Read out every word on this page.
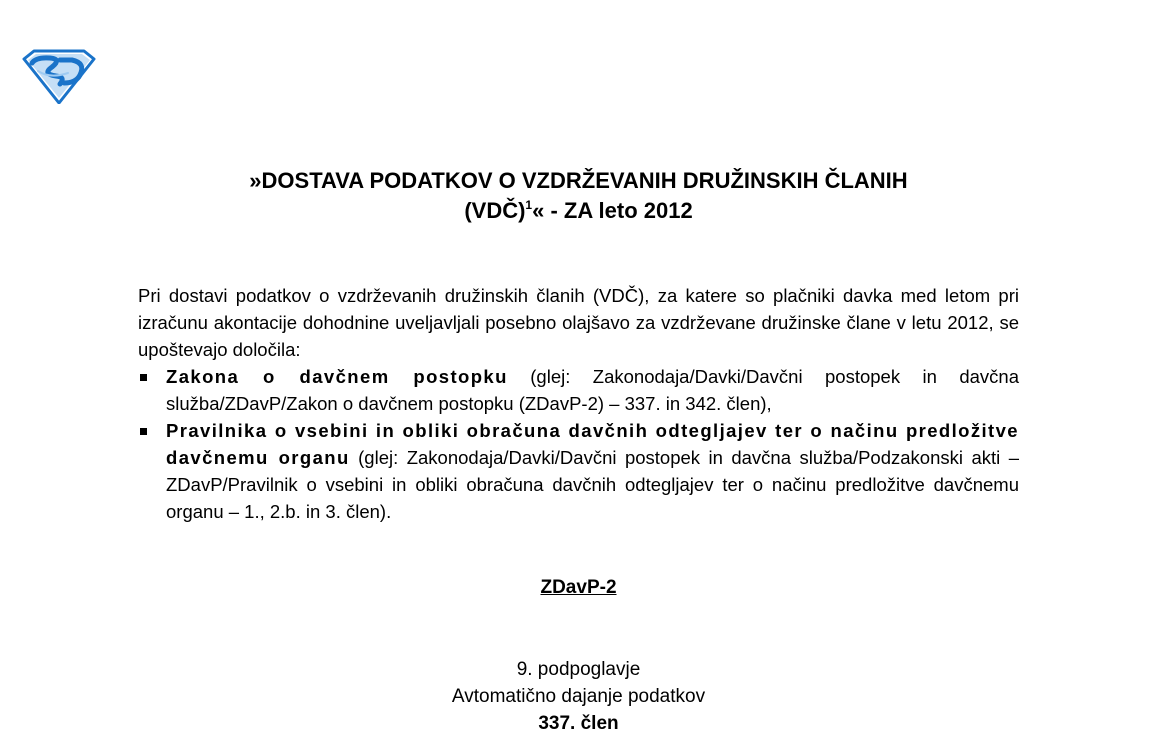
»DOSTAVA PODATKOV O VZDRŽEVANIH DRUŽINSKIH ČLANIH
(VDČ)$^1$« - ZA leto 2012

Pri dostavi podatkov o vzdrževanih družinskih članih (VDČ), za katere so plačniki davka med letom pri izračunu akontacije dohodnine uveljavljali posebno olajšavo za vzdrževane družinske člane v letu 2012, se upoštevajo določila:

Zakona o davčnem postopku (glej: Zakonodaja/Davki/Davčni postopek in davčna služba/ZDavP/Zakon o davčnem postopku (ZDavP-2) – 337. in 342. člen),
Pravilnika o vsebini in obliki obračuna davčnih odtegljajev ter o načinu predložitve davčnemu organu (glej: Zakonodaja/Davki/Davčni postopek in davčna služba/Podzakonski akti – ZDavP/Pravilnik o vsebini in obliki obračuna davčnih odtegljajev ter o načinu predložitve davčnemu organu – 1., 2.b. in 3. člen).
ZDavP-2

9. podpoglavje

Avtomatično dajanje podatkov

337. člen
